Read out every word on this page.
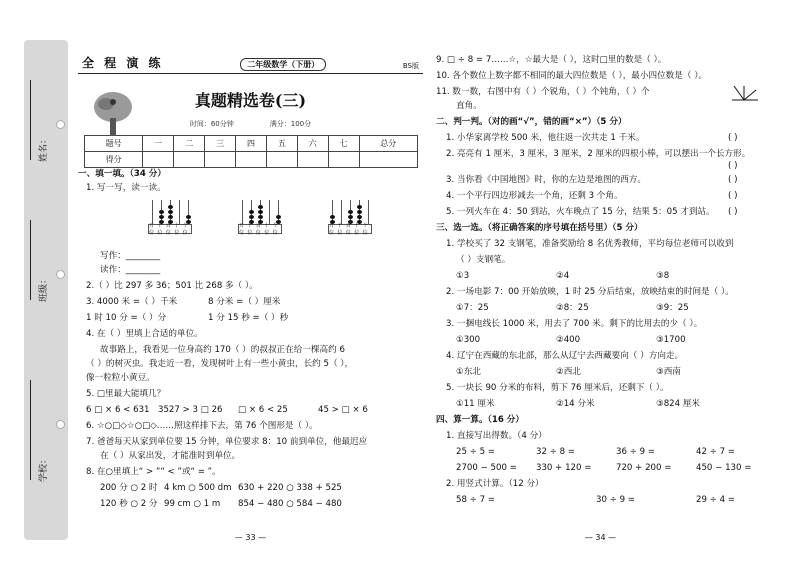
姓名：
班级：
学校：
全 程 演 练	二年级数学（下册）	BS版
真题精选卷(三)
时间：60分钟	满分：100分
题号	一	二	三	四	五	六	七	总分
得分								
一、填一填。（34 分）
1. 写一写，读一读。
写作：________
读作：________
2.（ ）比 297 多 36；501 比 268 多（ ）。
3. 4000 米 =（ ）千米	8 分米 =（ ）厘米
1 时 10 分 =（ ）分	1 分 15 秒 =（ ）秒
4. 在（ ）里填上合适的单位。
故事路上，我看见一位身高约 170（ ）的叔叔正在给一棵高约 6
（ ）的树灭虫。我走近一看，发现树叶上有一些小黄虫，长约 5（ ），
像一粒粒小黄豆。
5. □里最大能填几？
6 □ × 6 < 631 3527 > 3 □ 26 □ × 6 < 25	45 > □ × 6
6. ☆○□◇☆○□◇……照这样排下去，第 76 个图形是（ ）。
7. 爸爸每天从家到单位要 15 分钟，单位要求 8：10 前到单位，他最迟应
在（ ）从家出发，才能准时到单位。
8. 在○里填上“ > ”“ < ”或“ = ”。
200 分 ○ 2 时 4 km ○ 500 dm 630 + 220 ○ 338 + 525
120 秒 ○ 2 分 99 cm ○ 1 m 854 − 480 ○ 584 − 480
万位
千位
百位
十位
个位
万位
千位
百位
十位
个位
万位
千位
百位
十位
个位
— 33 —
9. □ ÷ 8 = 7……☆，☆最大是（ ），这时□里的数是（ ）。
10. 各个数位上数字都不相同的最大四位数是（ ），最小四位数是（ ）。
11. 数一数，右图中有（ ）个锐角，（ ）个钝角，（ ）个
直角。
二、判一判。（对的画“√”，错的画“×”）（5 分）
1. 小华家离学校 500 米，他往返一次共走 1 千米。
2. 亮亮有 1 厘米，3 厘米，3 厘米，2 厘米的四根小棒，可以摆出一个长方形。
3. 当你看《中国地图》时，你的左边是地图的西方。
4. 一个平行四边形减去一个角，还剩 3 个角。
5. 一列火车在 4：50 到站，火车晚点了 15 分，结果 5：05 才到站。
三、选一选。（将正确答案的序号填在括号里）（5 分）
1. 学校买了 32 支钢笔，准备奖励给 8 名优秀教师，平均每位老师可以收到
（ ）支钢笔。
①3	②4	③8
2. 一场电影 7：00 开始放映，1 时 25 分后结束，放映结束的时间是（ ）。
①7：25	②8：25	③9：25
3. 一捆电线长 1000 米，用去了 700 米。剩下的比用去的少（ ）。
①300	②400	③1700
4. 辽宁在西藏的东北部，那么从辽宁去西藏要向（ ）方向走。
①东北	②西北	③西南
5. 一块长 90 分米的布料，剪下 76 厘米后，还剩下（ ）。
①11 厘米	②14 分米	③824 厘米
四、算一算。（16 分）
1. 直接写出得数。（4 分）
25 ÷ 5 =	32 ÷ 8 =	36 ÷ 9 =	42 ÷ 7 =
2700 − 500 = 330 + 120 =	720 + 200 =	450 − 130 =
2. 用竖式计算。（12 分）
58 ÷ 7 =	30 ÷ 9 =	29 ÷ 4 =
( )
( )
( )
( )
( )
— 34 —
